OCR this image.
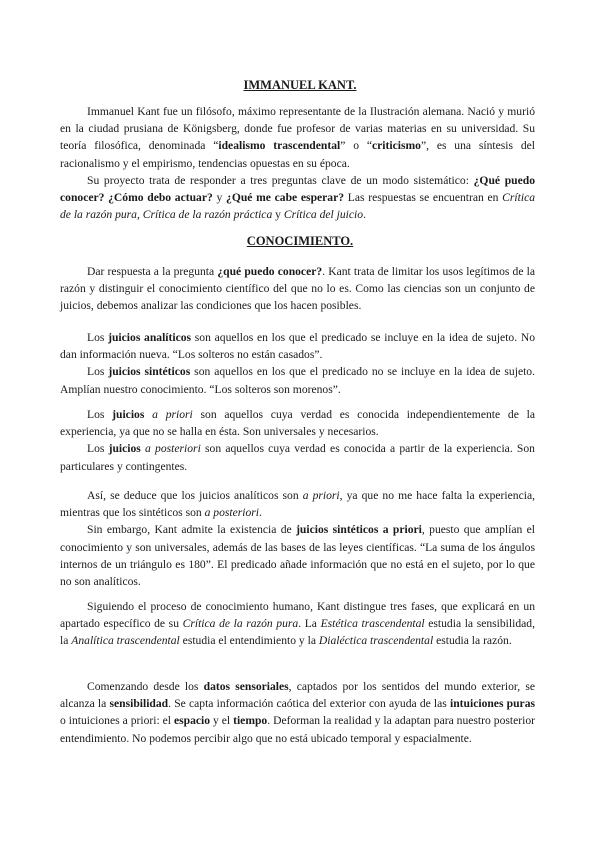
IMMANUEL KANT.

Immanuel Kant fue un filósofo, máximo representante de la Ilustración alemana. Nació y murió en la ciudad prusiana de Königsberg, donde fue profesor de varias materias en su universidad. Su teoría filosófica, denominada “idealismo trascendental” o “criticismo”, es una síntesis del racionalismo y el empirismo, tendencias opuestas en su época.

Su proyecto trata de responder a tres preguntas clave de un modo sistemático: ¿Qué puedo conocer? ¿Cómo debo actuar? y ¿Qué me cabe esperar? Las respuestas se encuentran en Crítica de la razón pura, Crítica de la razón práctica y Crítica del juicio.

CONOCIMIENTO.

Dar respuesta a la pregunta ¿qué puedo conocer?. Kant trata de limitar los usos legítimos de la razón y distinguir el conocimiento científico del que no lo es. Como las ciencias son un conjunto de juicios, debemos analizar las condiciones que los hacen posibles.

Los juicios analíticos son aquellos en los que el predicado se incluye en la idea de sujeto. No dan información nueva. “Los solteros no están casados”.

Los juicios sintéticos son aquellos en los que el predicado no se incluye en la idea de sujeto. Amplían nuestro conocimiento. “Los solteros son morenos”.

Los juicios a priori son aquellos cuya verdad es conocida independientemente de la experiencia, ya que no se halla en ésta. Son universales y necesarios.

Los juicios a posteriori son aquellos cuya verdad es conocida a partir de la experiencia. Son particulares y contingentes.

Así, se deduce que los juicios analíticos son a priori, ya que no me hace falta la experiencia, mientras que los sintéticos son a posteriori.

Sin embargo, Kant admite la existencia de juicios sintéticos a priori, puesto que amplían el conocimiento y son universales, además de las bases de las leyes científicas. “La suma de los ángulos internos de un triángulo es 180”. El predicado añade información que no está en el sujeto, por lo que no son analíticos.

Siguiendo el proceso de conocimiento humano, Kant distingue tres fases, que explicará en un apartado específico de su Crítica de la razón pura. La Estética trascendental estudia la sensibilidad, la Analítica trascendental estudia el entendimiento y la Dialéctica trascendental estudia la razón.

Comenzando desde los datos sensoriales, captados por los sentidos del mundo exterior, se alcanza la sensibilidad. Se capta información caótica del exterior con ayuda de las intuiciones puras o intuiciones a priori: el espacio y el tiempo. Deforman la realidad y la adaptan para nuestro posterior entendimiento. No podemos percibir algo que no está ubicado temporal y espacialmente.
